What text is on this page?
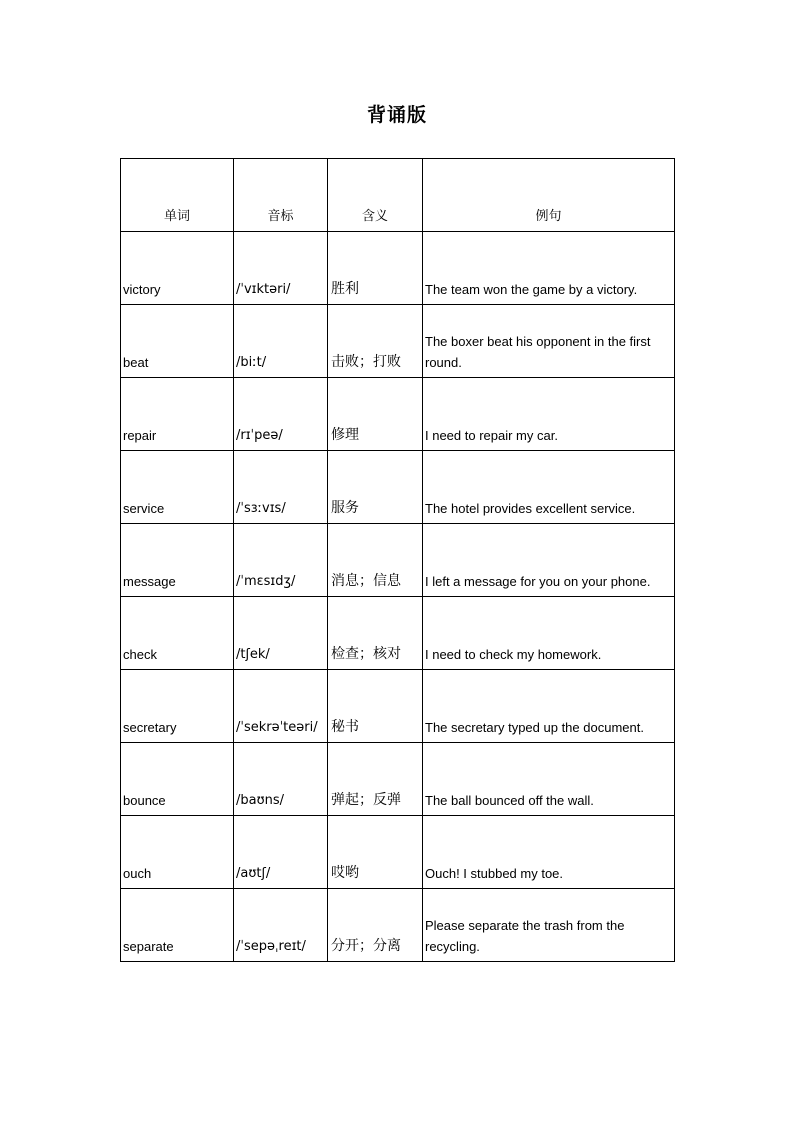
背诵版
单词	音标	含义	例句
victory	/ˈvɪktəri/	胜利	The team won the game by a victory.
beat	/biːt/	击败；打败	The boxer beat his opponent in the first round.
repair	/rɪˈpeə/	修理	I need to repair my car.
service	/ˈsɜːvɪs/	服务	The hotel provides excellent service.
message	/ˈmɛsɪdʒ/	消息；信息	I left a message for you on your phone.
check	/tʃek/	检查；核对	I need to check my homework.
secretary	/ˈsekrəˈteəri/	秘书	The secretary typed up the document.
bounce	/baʊns/	弹起；反弹	The ball bounced off the wall.
ouch	/aʊtʃ/	哎哟	Ouch! I stubbed my toe.
separate	/ˈsepəˌreɪt/	分开；分离	Please separate the trash from the recycling.
